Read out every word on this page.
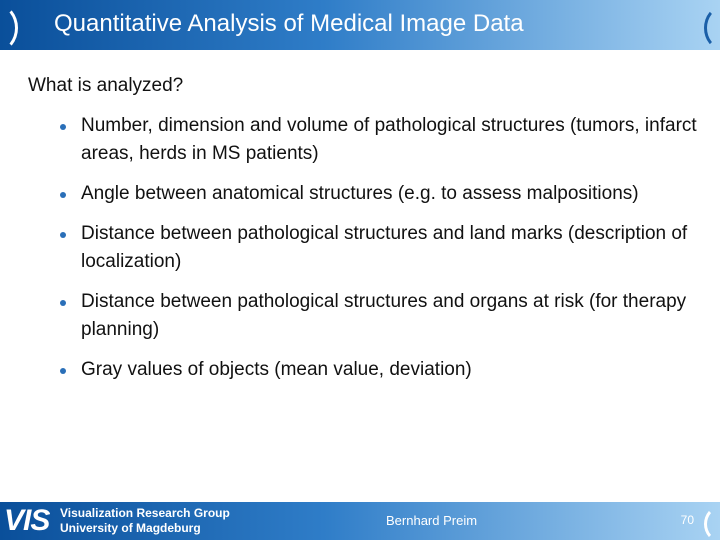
Quantitative Analysis of Medical Image Data
What is analyzed?
Number, dimension and volume of pathological structures (tumors, infarct areas, herds in MS patients)
Angle between anatomical structures (e.g. to assess malpositions)
Distance between pathological structures and land marks (description of localization)
Distance between pathological structures and organs at risk (for therapy planning)
Gray values of objects (mean value, deviation)
VIS Visualization Research Group
University of Magdeburg	Bernhard Preim	70
